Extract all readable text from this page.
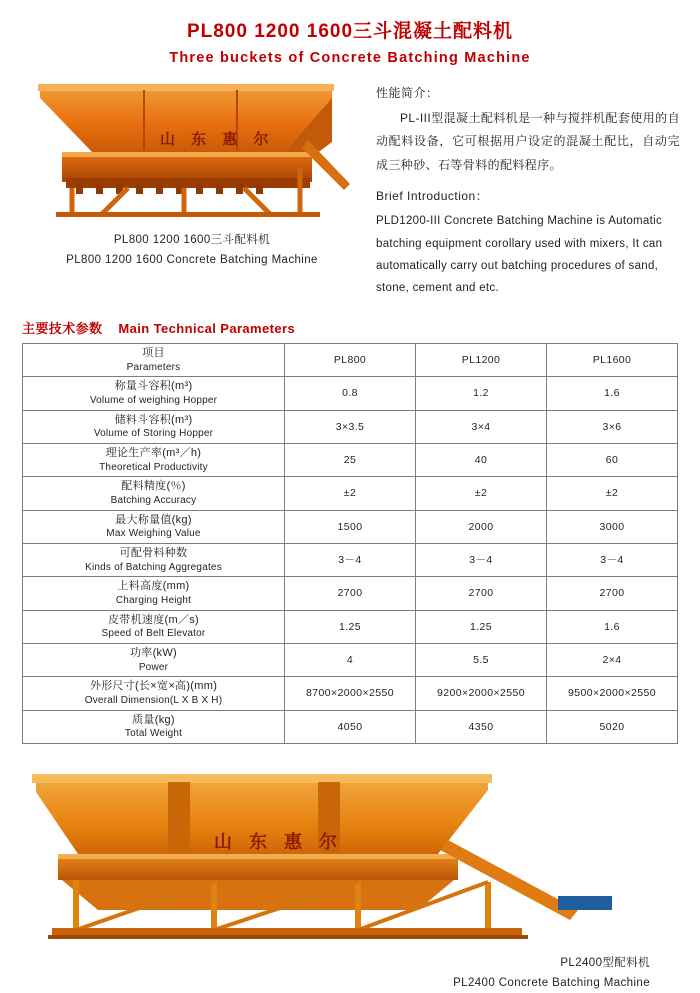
PL800 1200 1600三斗混凝土配料机
Three buckets of Concrete Batching Machine
山 东 惠 尔
PL800 1200 1600三斗配料机
PL800 1200 1600 Concrete Batching Machine
性能简介：

PL-III型混凝土配料机是一种与搅拌机配套使用的自动配料设备，它可根据用户设定的混凝土配比，自动完成三种砂、石等骨料的配料程序。

Brief Introduction：

PLD1200-III Concrete Batching Machine is Automatic batching equipment corollary used with mixers, It can automatically carry out batching procedures of sand, stone, cement and etc.

主要技术参数 Main Technical Parameters
项目
Parameters	PL800	PL1200	PL1600

称量斗容积(m³)
Volume of weighing Hopper	0.8	1.2	1.6

储料斗容积(m³)
Volume of Storing Hopper	3×3.5	3×4	3×6

理论生产率(m³／h)
Theoretical Productivity	25	40	60

配料精度(％)
Batching Accuracy	±2	±2	±2

最大称量值(kg)
Max Weighing Value	1500	2000	3000

可配骨料种数
Kinds of Batching Aggregates	3－4	3－4	3－4

上料高度(mm)
Charging Height	2700	2700	2700

皮带机速度(m／s)
Speed of Belt Elevator	1.25	1.25	1.6

功率(kW)
Power	4	5.5	2×4

外形尺寸(长×宽×高)(mm)
Overall Dimension(L X B X H)	8700×2000×2550	9200×2000×2550	9500×2000×2550

质量(kg)
Total Weight	4050	4350	5020
山 东 惠 尔
PL2400型配料机
PL2400 Concrete Batching Machine
